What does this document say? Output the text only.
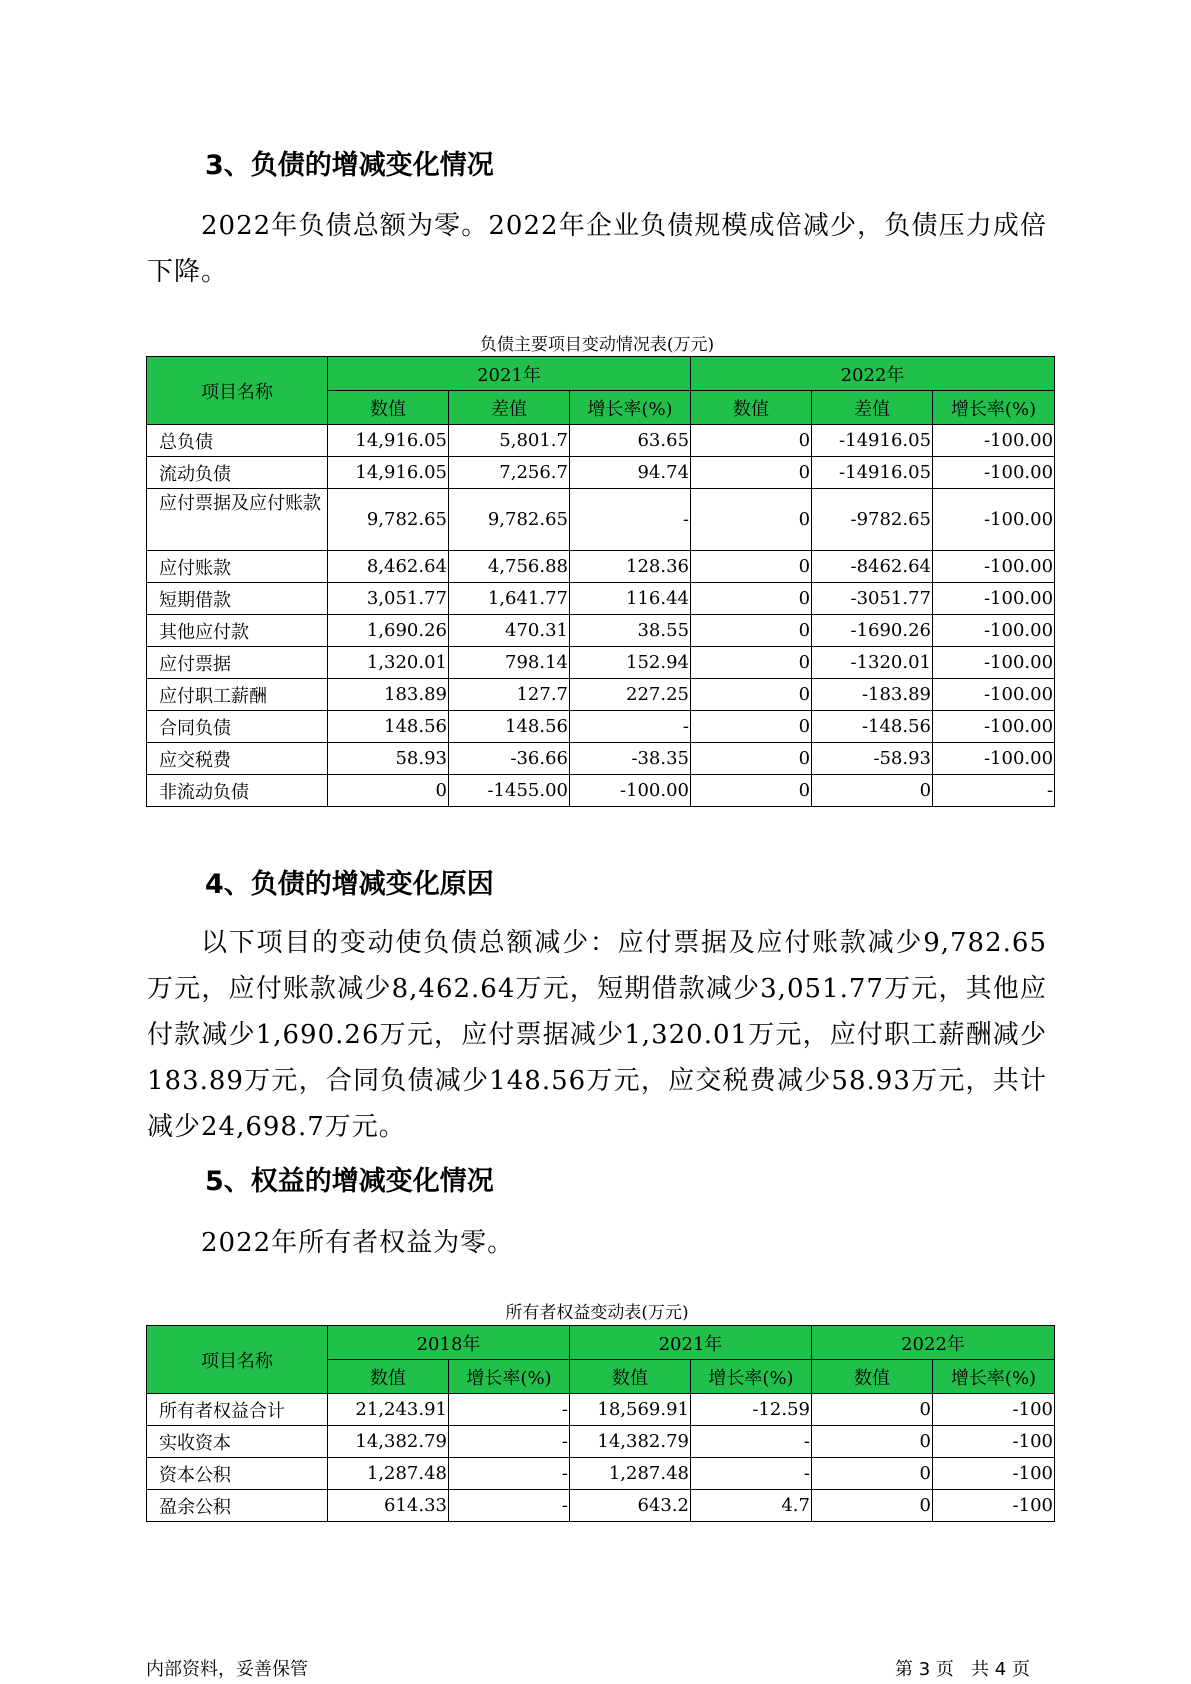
3、负债的增减变化情况
2022年负债总额为零。2022年企业负债规模成倍减少，负债压力成倍下降。
负债主要项目变动情况表(万元)
项目名称	2021年			2022年		
	数值	差值	增长率(%)	数值	差值	增长率(%)
总负债	14,916.05	5,801.7	63.65	0	-14916.05	-100.00
流动负债	14,916.05	7,256.7	94.74	0	-14916.05	-100.00
应付票据及应付账款	9,782.65	9,782.65	-	0	-9782.65	-100.00
应付账款	8,462.64	4,756.88	128.36	0	-8462.64	-100.00
短期借款	3,051.77	1,641.77	116.44	0	-3051.77	-100.00
其他应付款	1,690.26	470.31	38.55	0	-1690.26	-100.00
应付票据	1,320.01	798.14	152.94	0	-1320.01	-100.00
应付职工薪酬	183.89	127.7	227.25	0	-183.89	-100.00
合同负债	148.56	148.56	-	0	-148.56	-100.00
应交税费	58.93	-36.66	-38.35	0	-58.93	-100.00
非流动负债	0	-1455.00	-100.00	0	0	-
4、负债的增减变化原因
以下项目的变动使负债总额减少：应付票据及应付账款减少9,782.65万元，应付账款减少8,462.64万元，短期借款减少3,051.77万元，其他应付款减少1,690.26万元，应付票据减少1,320.01万元，应付职工薪酬减少183.89万元，合同负债减少148.56万元，应交税费减少58.93万元，共计减少24,698.7万元。
5、权益的增减变化情况
2022年所有者权益为零。
所有者权益变动表(万元)
项目名称	2018年		2021年		2022年	
	数值	增长率(%)	数值	增长率(%)	数值	增长率(%)
所有者权益合计	21,243.91	-	18,569.91	-12.59	0	-100
实收资本	14,382.79	-	14,382.79	-	0	-100
资本公积	1,287.48	-	1,287.48	-	0	-100
盈余公积	614.33	-	643.2	4.7	0	-100
内部资料，妥善保管	第 3 页   共 4 页
